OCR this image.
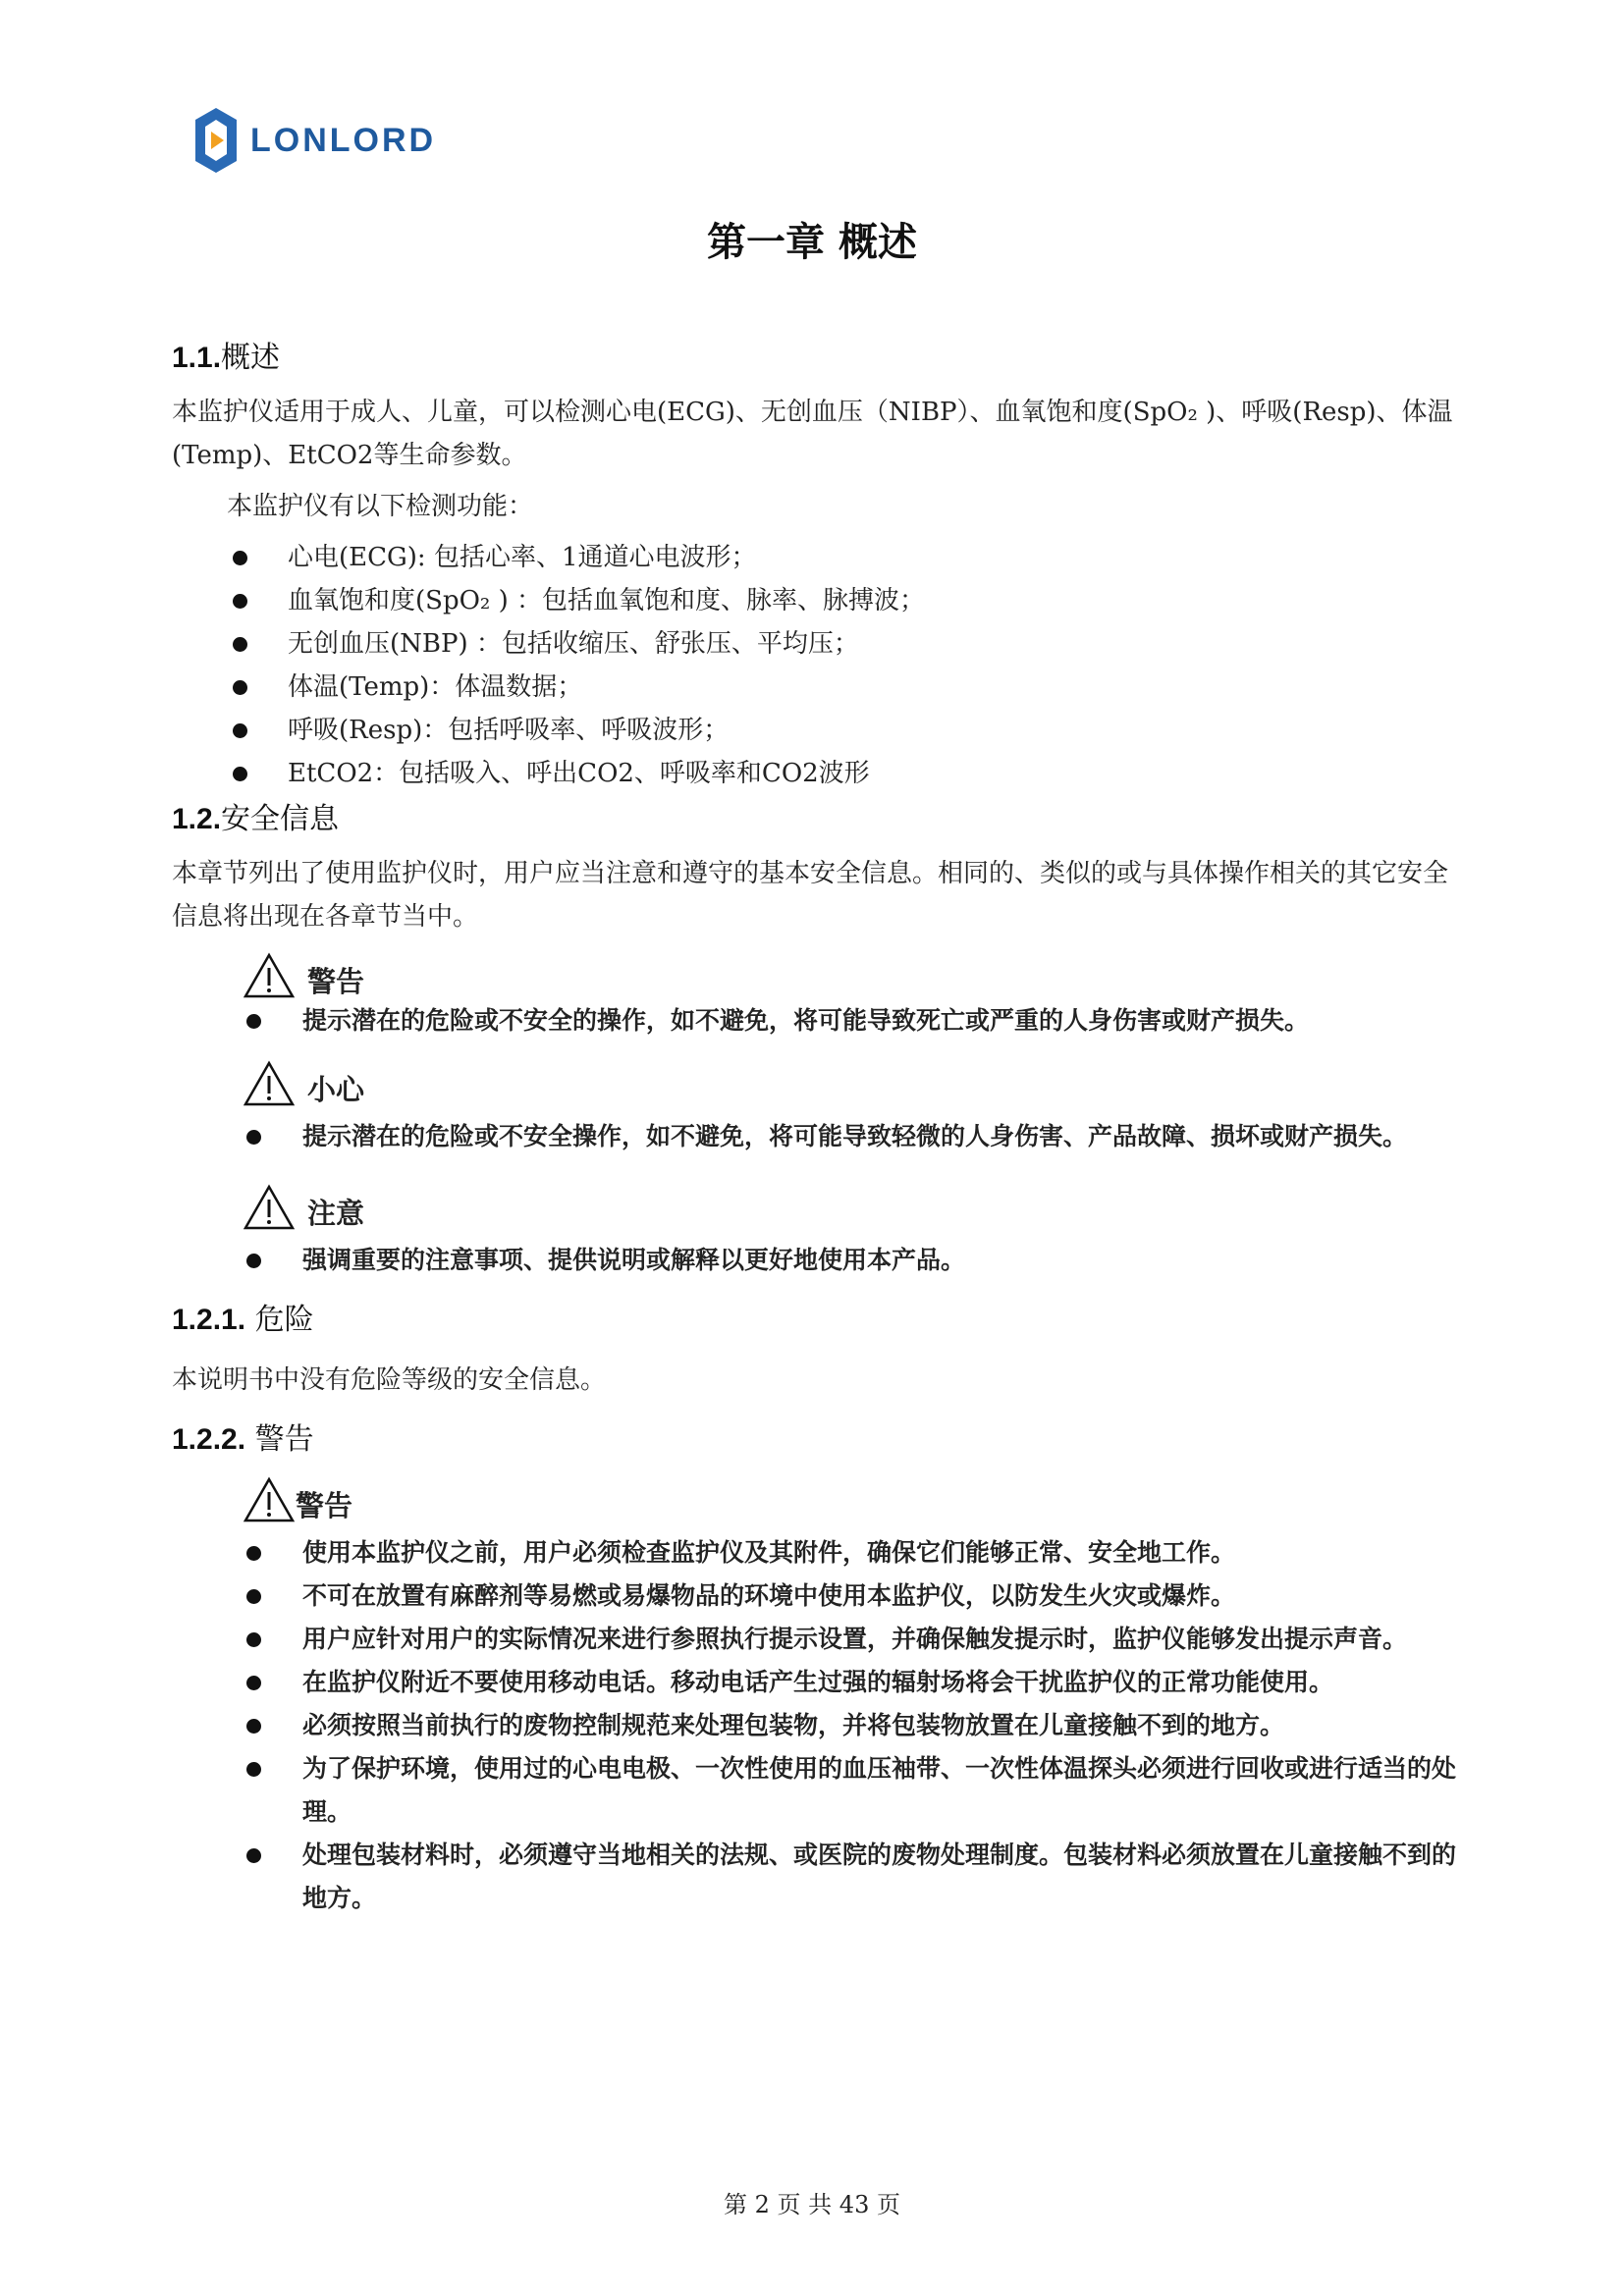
LONLORD
第一章 概述
1.1.概述

本监护仪适用于成人、儿童，可以检测心电(ECG)、无创血压（NIBP）、血氧饱和度(SpO₂ )、呼吸(Resp)、体温(Temp)、EtCO2等生命参数。

本监护仪有以下检测功能：

心电(ECG): 包括心率、1通道心电波形；
血氧饱和度(SpO₂ ) ：包括血氧饱和度、脉率、脉搏波；
无创血压(NBP) ：包括收缩压、舒张压、平均压；
体温(Temp)：体温数据；
呼吸(Resp)：包括呼吸率、呼吸波形；
EtCO2：包括吸入、呼出CO2、呼吸率和CO2波形
1.2.安全信息

本章节列出了使用监护仪时，用户应当注意和遵守的基本安全信息。相同的、类似的或与具体操作相关的其它安全信息将出现在各章节当中。

警告
提示潜在的危险或不安全的操作，如不避免，将可能导致死亡或严重的人身伤害或财产损失。
小心
提示潜在的危险或不安全操作，如不避免，将可能导致轻微的人身伤害、产品故障、损坏或财产损失。
注意
强调重要的注意事项、提供说明或解释以更好地使用本产品。
1.2.1. 危险

本说明书中没有危险等级的安全信息。

1.2.2. 警告
警告
使用本监护仪之前，用户必须检查监护仪及其附件，确保它们能够正常、安全地工作。
不可在放置有麻醉剂等易燃或易爆物品的环境中使用本监护仪，以防发生火灾或爆炸。
用户应针对用户的实际情况来进行参照执行提示设置，并确保触发提示时，监护仪能够发出提示声音。
在监护仪附近不要使用移动电话。移动电话产生过强的辐射场将会干扰监护仪的正常功能使用。
必须按照当前执行的废物控制规范来处理包装物，并将包装物放置在儿童接触不到的地方。
为了保护环境，使用过的心电电极、一次性使用的血压袖带、一次性体温探头必须进行回收或进行适当的处理。
处理包装材料时，必须遵守当地相关的法规、或医院的废物处理制度。包装材料必须放置在儿童接触不到的地方。
第 2 页 共 43 页
